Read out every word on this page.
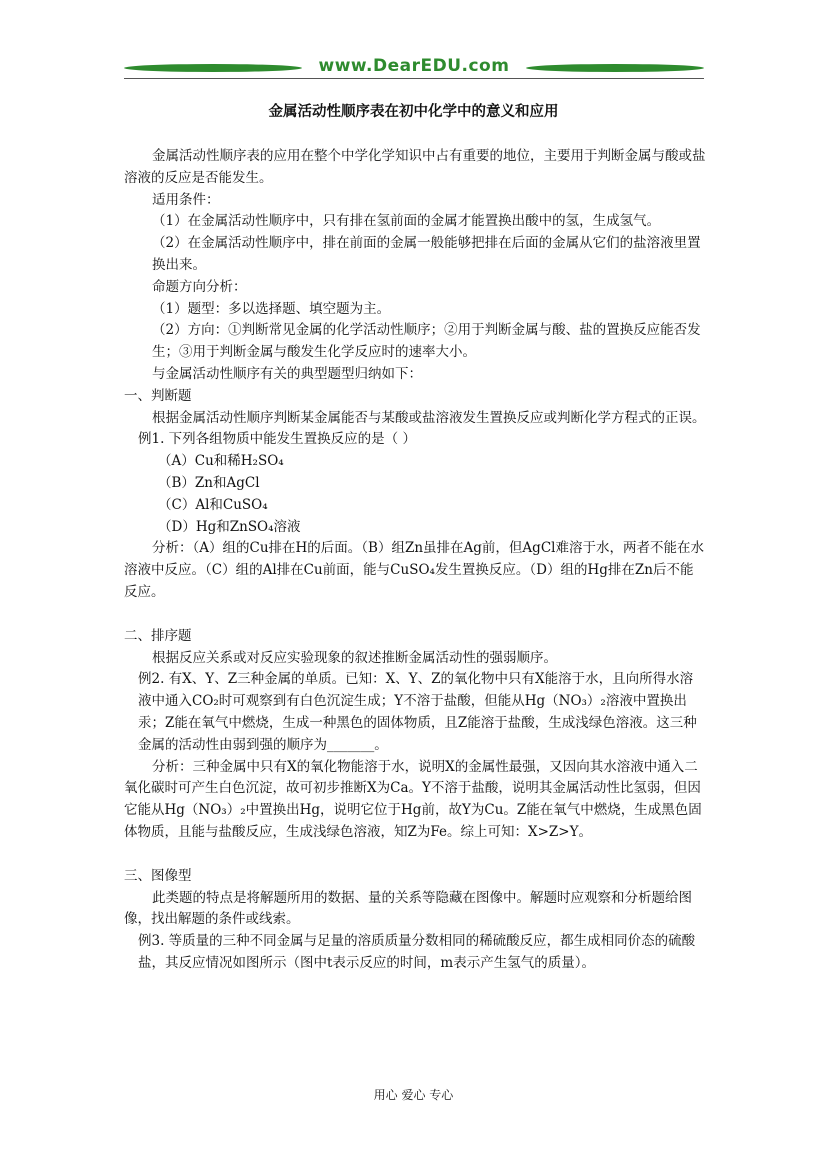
www.DearEDU.com
金属活动性顺序表在初中化学中的意义和应用

金属活动性顺序表的应用在整个中学化学知识中占有重要的地位，主要用于判断金属与酸或盐溶液的反应是否能发生。

适用条件：

（1）在金属活动性顺序中，只有排在氢前面的金属才能置换出酸中的氢，生成氢气。

（2）在金属活动性顺序中，排在前面的金属一般能够把排在后面的金属从它们的盐溶液里置换出来。

命题方向分析：

（1）题型：多以选择题、填空题为主。

（2）方向：①判断常见金属的化学活动性顺序；②用于判断金属与酸、盐的置换反应能否发生；③用于判断金属与酸发生化学反应时的速率大小。

与金属活动性顺序有关的典型题型归纳如下：

一、判断题

根据金属活动性顺序判断某金属能否与某酸或盐溶液发生置换反应或判断化学方程式的正误。

例1. 下列各组物质中能发生置换反应的是（ ）

（A）Cu和稀H₂SO₄

（B）Zn和AgCl

（C）Al和CuSO₄

（D）Hg和ZnSO₄溶液

分析：（A）组的Cu排在H的后面。（B）组Zn虽排在Ag前，但AgCl难溶于水，两者不能在水溶液中反应。（C）组的Al排在Cu前面，能与CuSO₄发生置换反应。（D）组的Hg排在Zn后不能反应。

二、排序题

根据反应关系或对反应实验现象的叙述推断金属活动性的强弱顺序。

例2. 有X、Y、Z三种金属的单质。已知：X、Y、Z的氧化物中只有X能溶于水，且向所得水溶液中通入CO₂时可观察到有白色沉淀生成；Y不溶于盐酸，但能从Hg（NO₃）₂溶液中置换出汞；Z能在氧气中燃烧，生成一种黑色的固体物质，且Z能溶于盐酸，生成浅绿色溶液。这三种金属的活动性由弱到强的顺序为_______。

分析：三种金属中只有X的氧化物能溶于水，说明X的金属性最强，又因向其水溶液中通入二氧化碳时可产生白色沉淀，故可初步推断X为Ca。Y不溶于盐酸，说明其金属活动性比氢弱，但因它能从Hg（NO₃）₂中置换出Hg，说明它位于Hg前，故Y为Cu。Z能在氧气中燃烧，生成黑色固体物质，且能与盐酸反应，生成浅绿色溶液，知Z为Fe。综上可知：X>Z>Y。

三、图像型

此类题的特点是将解题所用的数据、量的关系等隐藏在图像中。解题时应观察和分析题给图像，找出解题的条件或线索。

例3. 等质量的三种不同金属与足量的溶质质量分数相同的稀硫酸反应，都生成相同价态的硫酸盐，其反应情况如图所示（图中t表示反应的时间，m表示产生氢气的质量）。

用心 爱心 专心
